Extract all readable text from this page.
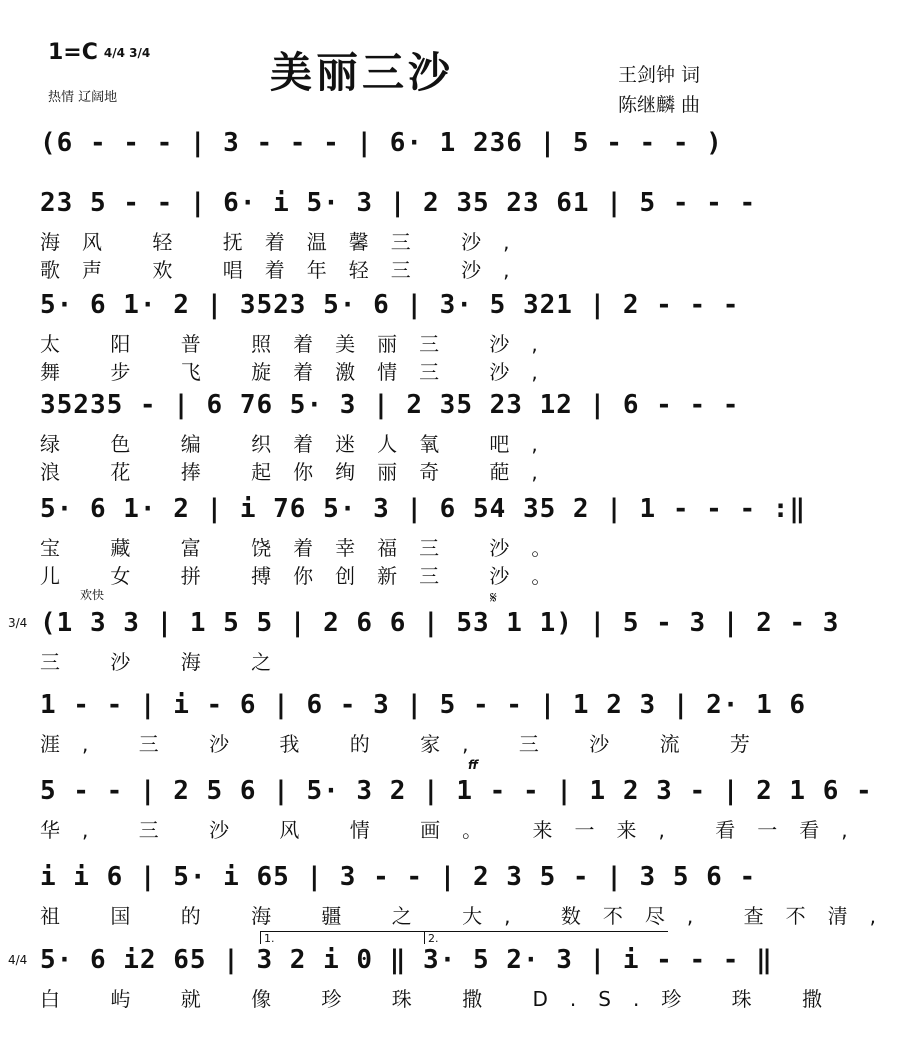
1=C 4/4 3/4
热情 辽阔地
美丽三沙	王剑钟 词
陈继麟 曲
(6 - - - | 3 - - - | 6· 1 236 | 5 - - - )
23 5 - - | 6· i 5· 3 | 2 35 23 61 | 5 - - -
海风 轻 抚着温馨三 沙,
歌声 欢 唱着年轻三 沙,
5· 6 1· 2 | 3523 5· 6 | 3· 5 321 | 2 - - -
太 阳 普 照着美丽三 沙,
舞 步 飞 旋着激情三 沙,
35235 - | 6 76 5· 3 | 2 35 23 12 | 6 - - -
绿 色 编 织着迷人氧 吧,
浪 花 捧 起你绚丽奇 葩,
5· 6 1· 2 | i 76 5· 3 | 6 54 35 2 | 1 - - - :‖
宝 藏 富 饶着幸福三 沙。
儿 女 拼 搏你创新三 沙。
(1 3 3 | 1 5 5 | 2 6 6 | 53 1 1) | 5 - 3 | 2 - 3
三 沙 海 之
欢快	𝄋
3/4
1 - - | i - 6 | 6 - 3 | 5 - - | 1 2 3 | 2· 1 6
涯, 三 沙 我 的 家, 三 沙 流 芳
5 - - | 2 5 6 | 5· 3 2 | 1 - - | 1 2 3 - | 2 1 6 -
华, 三 沙 风 情 画。 来一来, 看一看,
ff
i i 6 | 5· i 65 | 3 - - | 2 3 5 - | 3 5 6 -
祖 国 的 海 疆 之 大, 数不尽, 查不清,
5· 6 i2 65 | 3 2 i 0 ‖ 3· 5 2· 3 | i - - - ‖
白 屿 就 像 珍 珠 撒 D.S.珍 珠 撒
4/4
1.	2.
